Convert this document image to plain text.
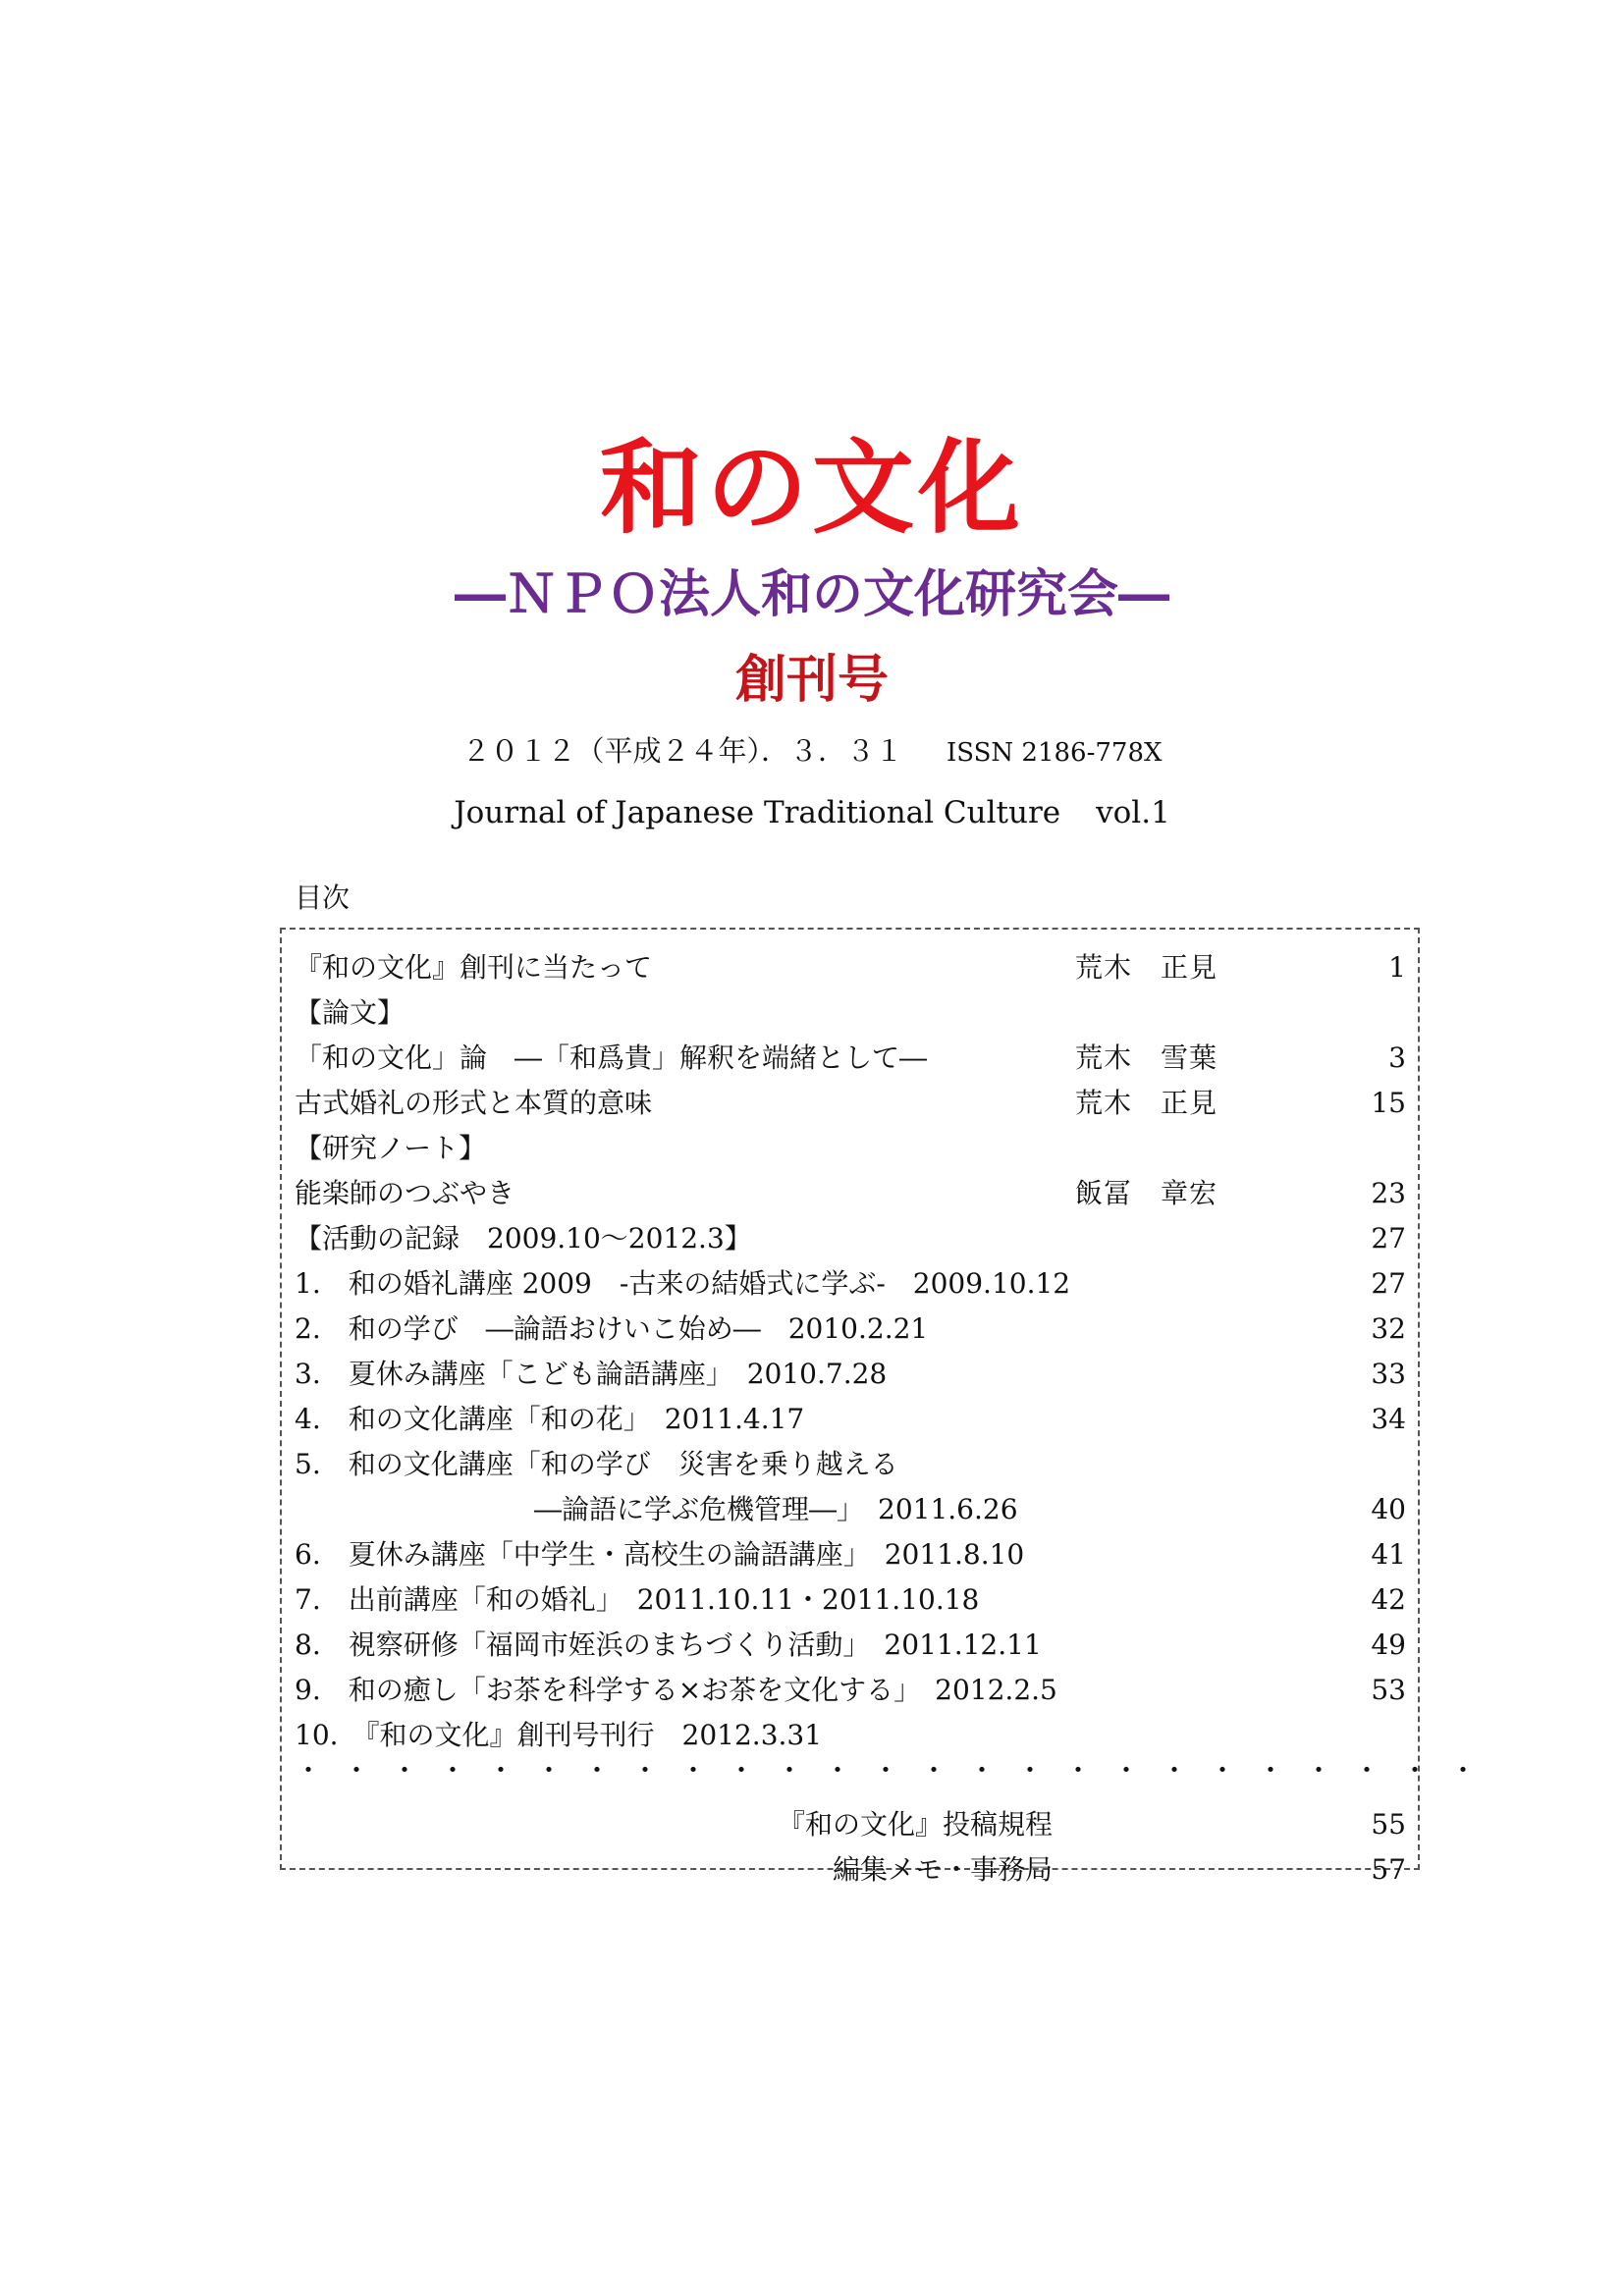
和の文化
―ＮＰＯ法人和の文化研究会―
創刊号
２０１２（平成２４年）．３．３１ ISSN 2186-778X
Journal of Japanese Traditional Culture vol.1
目次
『和の文化』創刊に当たって	荒木　正見	1
【論文】
「和の文化」論　―「和爲貴」解釈を端緒として―	荒木　雪葉	3
古式婚礼の形式と本質的意味	荒木　正見	15
【研究ノート】
能楽師のつぶやき	飯冨　章宏	23
【活動の記録　2009.10～2012.3】	27
1.　和の婚礼講座 2009　-古来の結婚式に学ぶ-　2009.10.12	27
2.　和の学び　―論語おけいこ始め―　2010.2.21	32
3.　夏休み講座「こども論語講座」　2010.7.28	33
4.　和の文化講座「和の花」　2011.4.17	34
5.　和の文化講座「和の学び　災害を乗り越える
―論語に学ぶ危機管理―」　2011.6.26	40
6.　夏休み講座「中学生・高校生の論語講座」　2011.8.10	41
7.　出前講座「和の婚礼」　2011.10.11・2011.10.18	42
8.　視察研修「福岡市姪浜のまちづくり活動」　2011.12.11	49
9.　和の癒し「お茶を科学する×お茶を文化する」　2012.2.5	53
10.　『和の文化』創刊号刊行　2012.3.31
・・・・・・・・・・・・・・・・・・・・・・・・・
『和の文化』投稿規程	55
編集メモ・事務局	57
